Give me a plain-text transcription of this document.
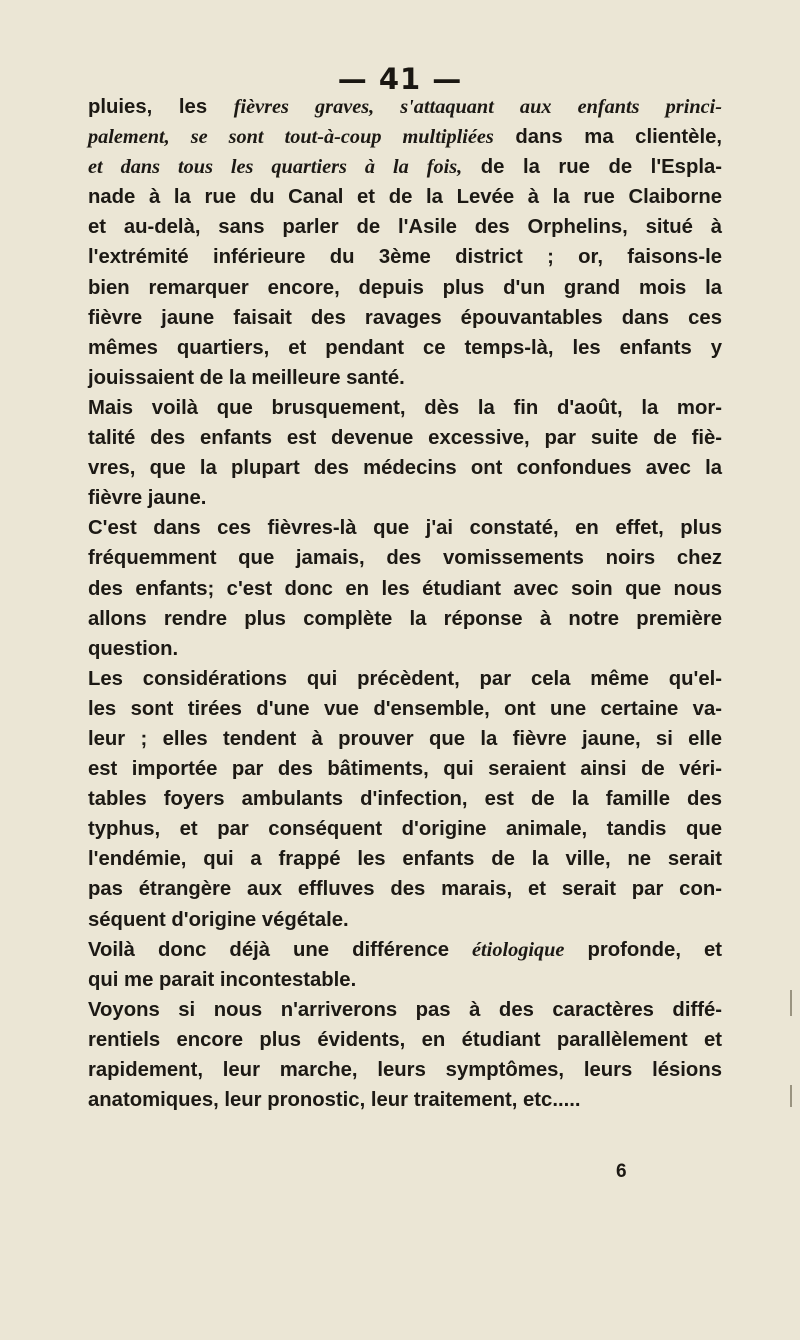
— 41 —
pluies, les fièvres graves, s'attaquant aux enfants princi-
palement, se sont tout-à-coup multipliées dans ma clientèle,
et dans tous les quartiers à la fois, de la rue de l'Espla-
nade à la rue du Canal et de la Levée à la rue Claiborne
et au-delà, sans parler de l'Asile des Orphelins, situé à
l'extrémité inférieure du 3ème district ; or, faisons-le
bien remarquer encore, depuis plus d'un grand mois la
fièvre jaune faisait des ravages épouvantables dans ces
mêmes quartiers, et pendant ce temps-là, les enfants y
jouissaient de la meilleure santé.
Mais voilà que brusquement, dès la fin d'août, la mor-
talité des enfants est devenue excessive, par suite de fiè-
vres, que la plupart des médecins ont confondues avec la
fièvre jaune.
C'est dans ces fièvres-là que j'ai constaté, en effet, plus
fréquemment que jamais, des vomissements noirs chez
des enfants; c'est donc en les étudiant avec soin que nous
allons rendre plus complète la réponse à notre première
question.
Les considérations qui précèdent, par cela même qu'el-
les sont tirées d'une vue d'ensemble, ont une certaine va-
leur ; elles tendent à prouver que la fièvre jaune, si elle
est importée par des bâtiments, qui seraient ainsi de véri-
tables foyers ambulants d'infection, est de la famille des
typhus, et par conséquent d'origine animale, tandis que
l'endémie, qui a frappé les enfants de la ville, ne serait
pas étrangère aux effluves des marais, et serait par con-
séquent d'origine végétale.
Voilà donc déjà une différence étiologique profonde, et
qui me parait incontestable.
Voyons si nous n'arriverons pas à des caractères diffé-
rentiels encore plus évidents, en étudiant parallèlement et
rapidement, leur marche, leurs symptômes, leurs lésions
anatomiques, leur pronostic, leur traitement, etc.....
6
